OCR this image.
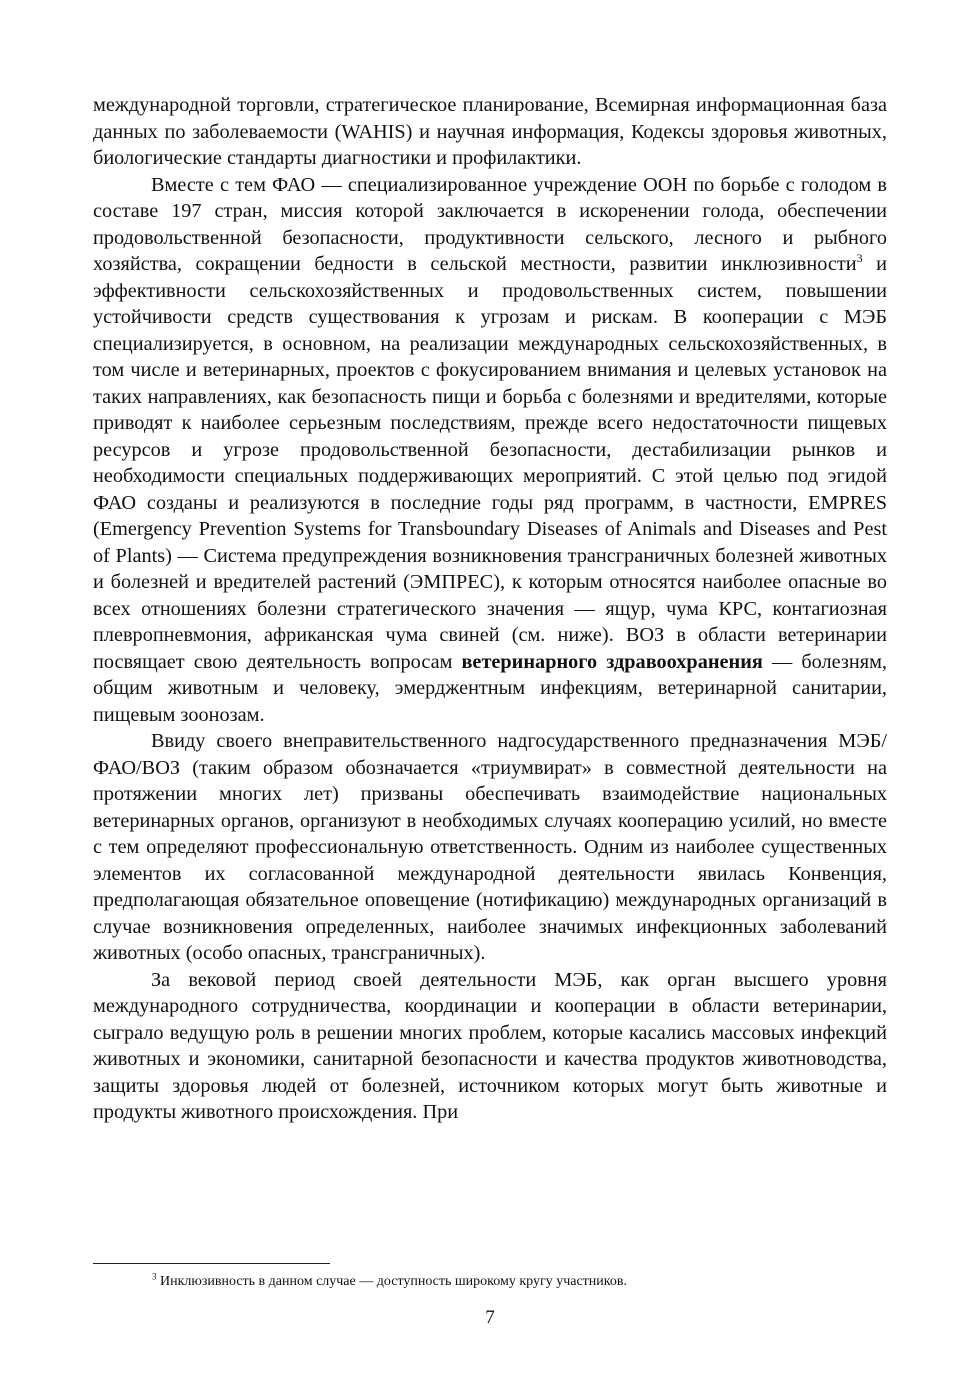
международной торговли, стратегическое планирование, Всемирная информационная база данных по заболеваемости (WAHIS) и научная информация, Кодексы здоровья животных, биологические стандарты диагностики и профилактики.

Вместе с тем ФАО — специализированное учреждение ООН по борьбе с голодом в составе 197 стран, миссия которой заключается в искоренении голода, обеспечении продовольственной безопасности, продуктивности сельского, лесного и рыбного хозяйства, сокращении бедности в сельской местности, развитии инклюзивности$^3$ и эффективности сельскохозяйственных и продовольственных систем, повышении устойчивости средств существования к угрозам и рискам. В кооперации с МЭБ специализируется, в основном, на реализации международных сельскохозяйственных, в том числе и ветеринарных, проектов с фокусированием внимания и целевых установок на таких направлениях, как безопасность пищи и борьба с болезнями и вредителями, которые приводят к наиболее серьезным последствиям, прежде всего недостаточности пищевых ресурсов и угрозе продовольственной безопасности, дестабилизации рынков и необходимости специальных поддерживающих мероприятий. С этой целью под эгидой ФАО созданы и реализуются в последние годы ряд программ, в частности, EMPRES (Emergency Prevention Systems for Transboundary Diseases of Animals and Diseases and Pest of Plants) — Система предупреждения возникновения трансграничных болезней животных и болезней и вредителей растений (ЭМПРЕС), к которым относятся наиболее опасные во всех отношениях болезни стратегического значения — ящур, чума КРС, контагиозная плевропневмония, африканская чума свиней (см. ниже). ВОЗ в области ветеринарии посвящает свою деятельность вопросам ветеринарного здравоохранения — болезням, общим животным и человеку, эмерджентным инфекциям, ветеринарной санитарии, пищевым зоонозам.

Ввиду своего внеправительственного надгосударственного предназначения МЭБ/ФАО/ВОЗ (таким образом обозначается «триумвират» в совместной деятельности на протяжении многих лет) призваны обеспечивать взаимодействие национальных ветеринарных органов, организуют в необходимых случаях кооперацию усилий, но вместе с тем определяют профессиональную ответственность. Одним из наиболее существенных элементов их согласованной международной деятельности явилась Конвенция, предполагающая обязательное оповещение (нотификацию) международных организаций в случае возникновения определенных, наиболее значимых инфекционных заболеваний животных (особо опасных, трансграничных).

За вековой период своей деятельности МЭБ, как орган высшего уровня международного сотрудничества, координации и кооперации в области ветеринарии, сыграло ведущую роль в решении многих проблем, которые касались массовых инфекций животных и экономики, санитарной безопасности и качества продуктов животноводства, защиты здоровья людей от болезней, источником которых могут быть животные и продукты животного происхождения. При

$^3$ Инклюзивность в данном случае — доступность широкому кругу участников.
7
